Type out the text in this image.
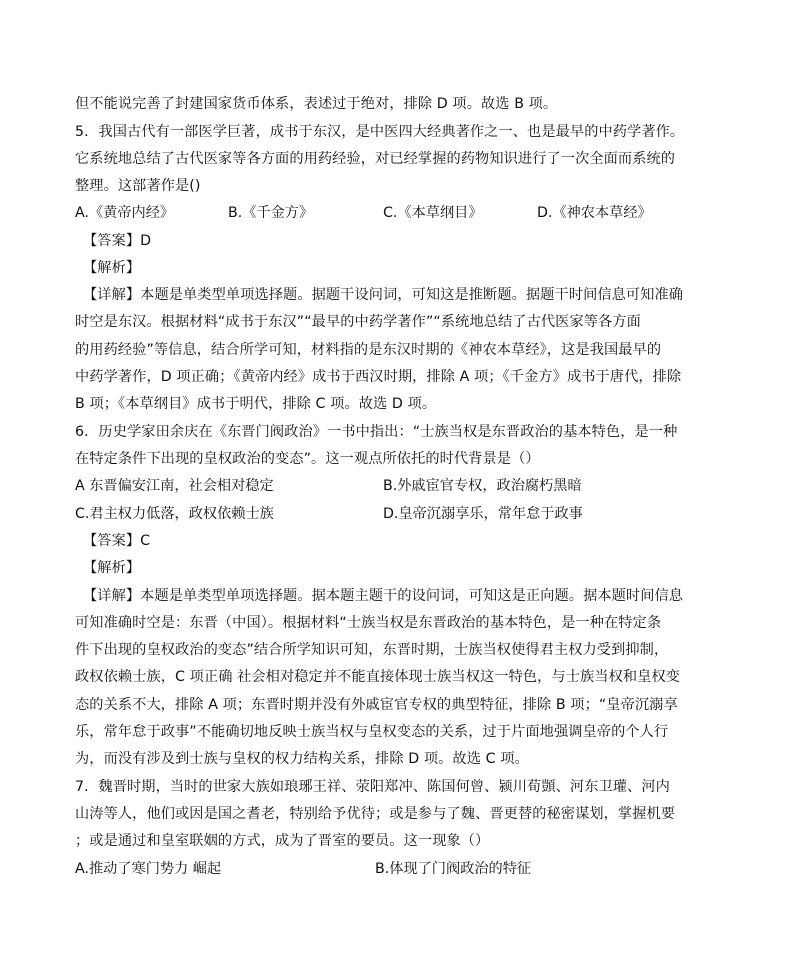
但不能说完善了封建国家货币体系，表述过于绝对，排除 D 项。故选 B 项。
5．我国古代有一部医学巨著，成书于东汉，是中医四大经典著作之一、也是最早的中药学著作。
它系统地总结了古代医家等各方面的用药经验，对已经掌握的药物知识进行了一次全面而系统的
整理。这部著作是()
A.《黄帝内经》	B.《千金方》	C.《本草纲目》	D.《神农本草经》
【答案】D
【解析】
【详解】本题是单类型单项选择题。据题干设问词，可知这是推断题。据题干时间信息可知准确
时空是东汉。根据材料“成书于东汉”“最早的中药学著作”“系统地总结了古代医家等各方面
的用药经验”等信息，结合所学可知，材料指的是东汉时期的《神农本草经》，这是我国最早的
中药学著作，D 项正确；《黄帝内经》成书于西汉时期，排除 A 项；《千金方》成书于唐代，排除
B 项；《本草纲目》成书于明代，排除 C 项。故选 D 项。
6．历史学家田余庆在《东晋门阀政治》一书中指出：“士族当权是东晋政治的基本特色，是一种
在特定条件下出现的皇权政治的变态”。这一观点所依托的时代背景是（）
A 东晋偏安江南，社会相对稳定	B.外戚宦官专权，政治腐朽黑暗
C.君主权力低落，政权依赖士族	D.皇帝沉溺享乐，常年怠于政事
【答案】C
【解析】
【详解】本题是单类型单项选择题。据本题主题干的设问词，可知这是正向题。据本题时间信息
可知准确时空是：东晋（中国）。根据材料“士族当权是东晋政治的基本特色，是一种在特定条
件下出现的皇权政治的变态”结合所学知识可知，东晋时期，士族当权使得君主权力受到抑制，
政权依赖士族，C 项正确 社会相对稳定并不能直接体现士族当权这一特色，与士族当权和皇权变
态的关系不大，排除 A 项；东晋时期并没有外戚宦官专权的典型特征，排除 B 项；“皇帝沉溺享
乐，常年怠于政事”不能确切地反映士族当权与皇权变态的关系，过于片面地强调皇帝的个人行
为，而没有涉及到士族与皇权的权力结构关系，排除 D 项。故选 C 项。
7．魏晋时期，当时的世家大族如琅琊王祥、荥阳郑冲、陈国何曾、颍川荀顗、河东卫瓘、河内
山涛等人，他们或因是国之耆老，特别给予优待；或是参与了魏、晋更替的秘密谋划，掌握机要
；或是通过和皇室联姻的方式，成为了晋室的要员。这一现象（）
A.推动了寒门势力 崛起	B.体现了门阀政治的特征
